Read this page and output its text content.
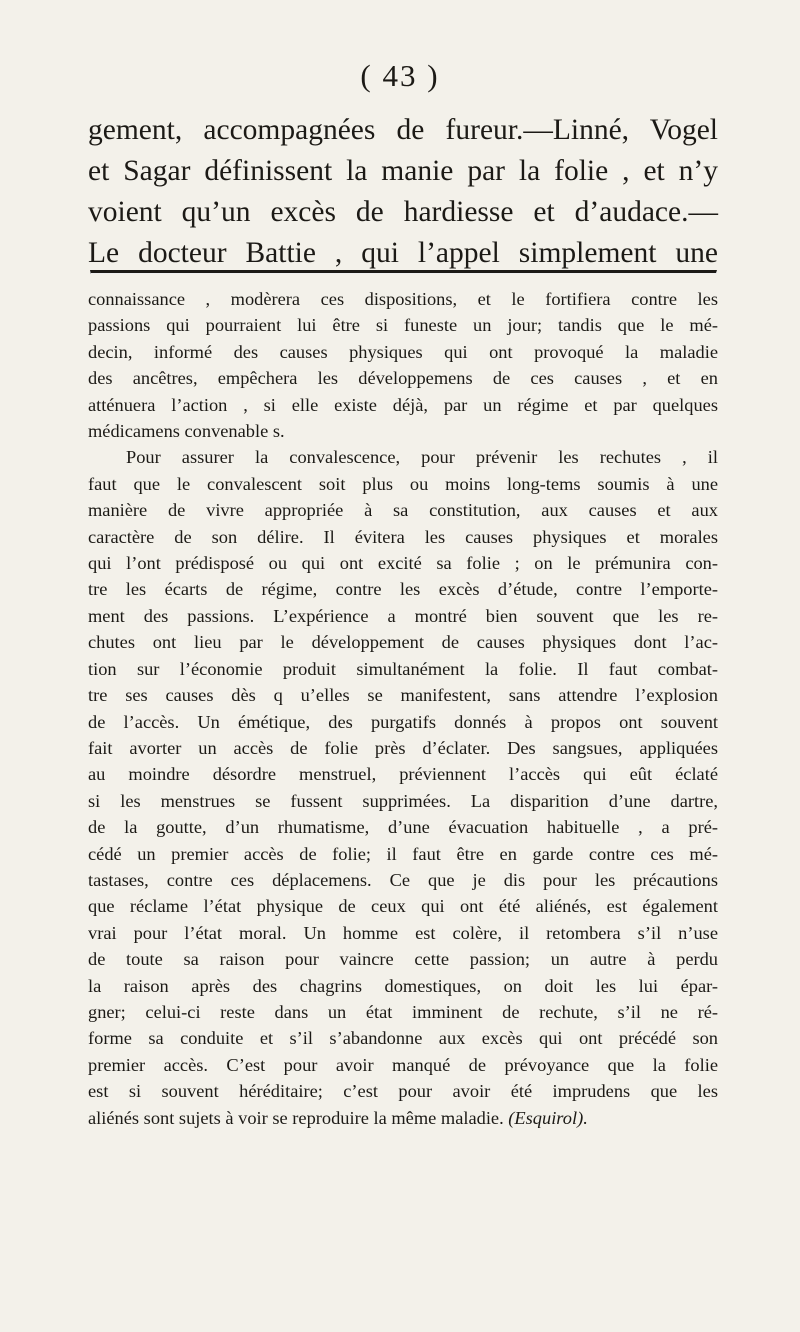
( 43 )

gement, accompagnées de fureur.—Linné, Vogel
et Sagar définissent la manie par la folie , et n’y
voient qu’un excès de hardiesse et d’audace.—
Le docteur Battie , qui l’appel simplement une
connaissance , modèrera ces dispositions, et le fortifiera contre les
passions qui pourraient lui être si funeste un jour; tandis que le mé-
decin, informé des causes physiques qui ont provoqué la maladie
des ancêtres, empêchera les développemens de ces causes , et en
atténuera l’action , si elle existe déjà, par un régime et par quelques
médicamens convenable s.
Pour assurer la convalescence, pour prévenir les rechutes , il
faut que le convalescent soit plus ou moins long-tems soumis à une
manière de vivre appropriée à sa constitution, aux causes et aux
caractère de son délire. Il évitera les causes physiques et morales
qui l’ont prédisposé ou qui ont excité sa folie ; on le prémunira con-
tre les écarts de régime, contre les excès d’étude, contre l’emporte-
ment des passions. L’expérience a montré bien souvent que les re-
chutes ont lieu par le développement de causes physiques dont l’ac-
tion sur l’économie produit simultanément la folie. Il faut combat-
tre ses causes dès q u’elles se manifestent, sans attendre l’explosion
de l’accès. Un émétique, des purgatifs donnés à propos ont souvent
fait avorter un accès de folie près d’éclater. Des sangsues, appliquées
au moindre désordre menstruel, préviennent l’accès qui eût éclaté
si les menstrues se fussent supprimées. La disparition d’une dartre,
de la goutte, d’un rhumatisme, d’une évacuation habituelle , a pré-
cédé un premier accès de folie; il faut être en garde contre ces mé-
tastases, contre ces déplacemens. Ce que je dis pour les précautions
que réclame l’état physique de ceux qui ont été aliénés, est également
vrai pour l’état moral. Un homme est colère, il retombera s’il n’use
de toute sa raison pour vaincre cette passion; un autre à perdu
la raison après des chagrins domestiques, on doit les lui épar-
gner; celui-ci reste dans un état imminent de rechute, s’il ne ré-
forme sa conduite et s’il s’abandonne aux excès qui ont précédé son
premier accès. C’est pour avoir manqué de prévoyance que la folie
est si souvent héréditaire; c’est pour avoir été imprudens que les
aliénés sont sujets à voir se reproduire la même maladie. (Esquirol).
